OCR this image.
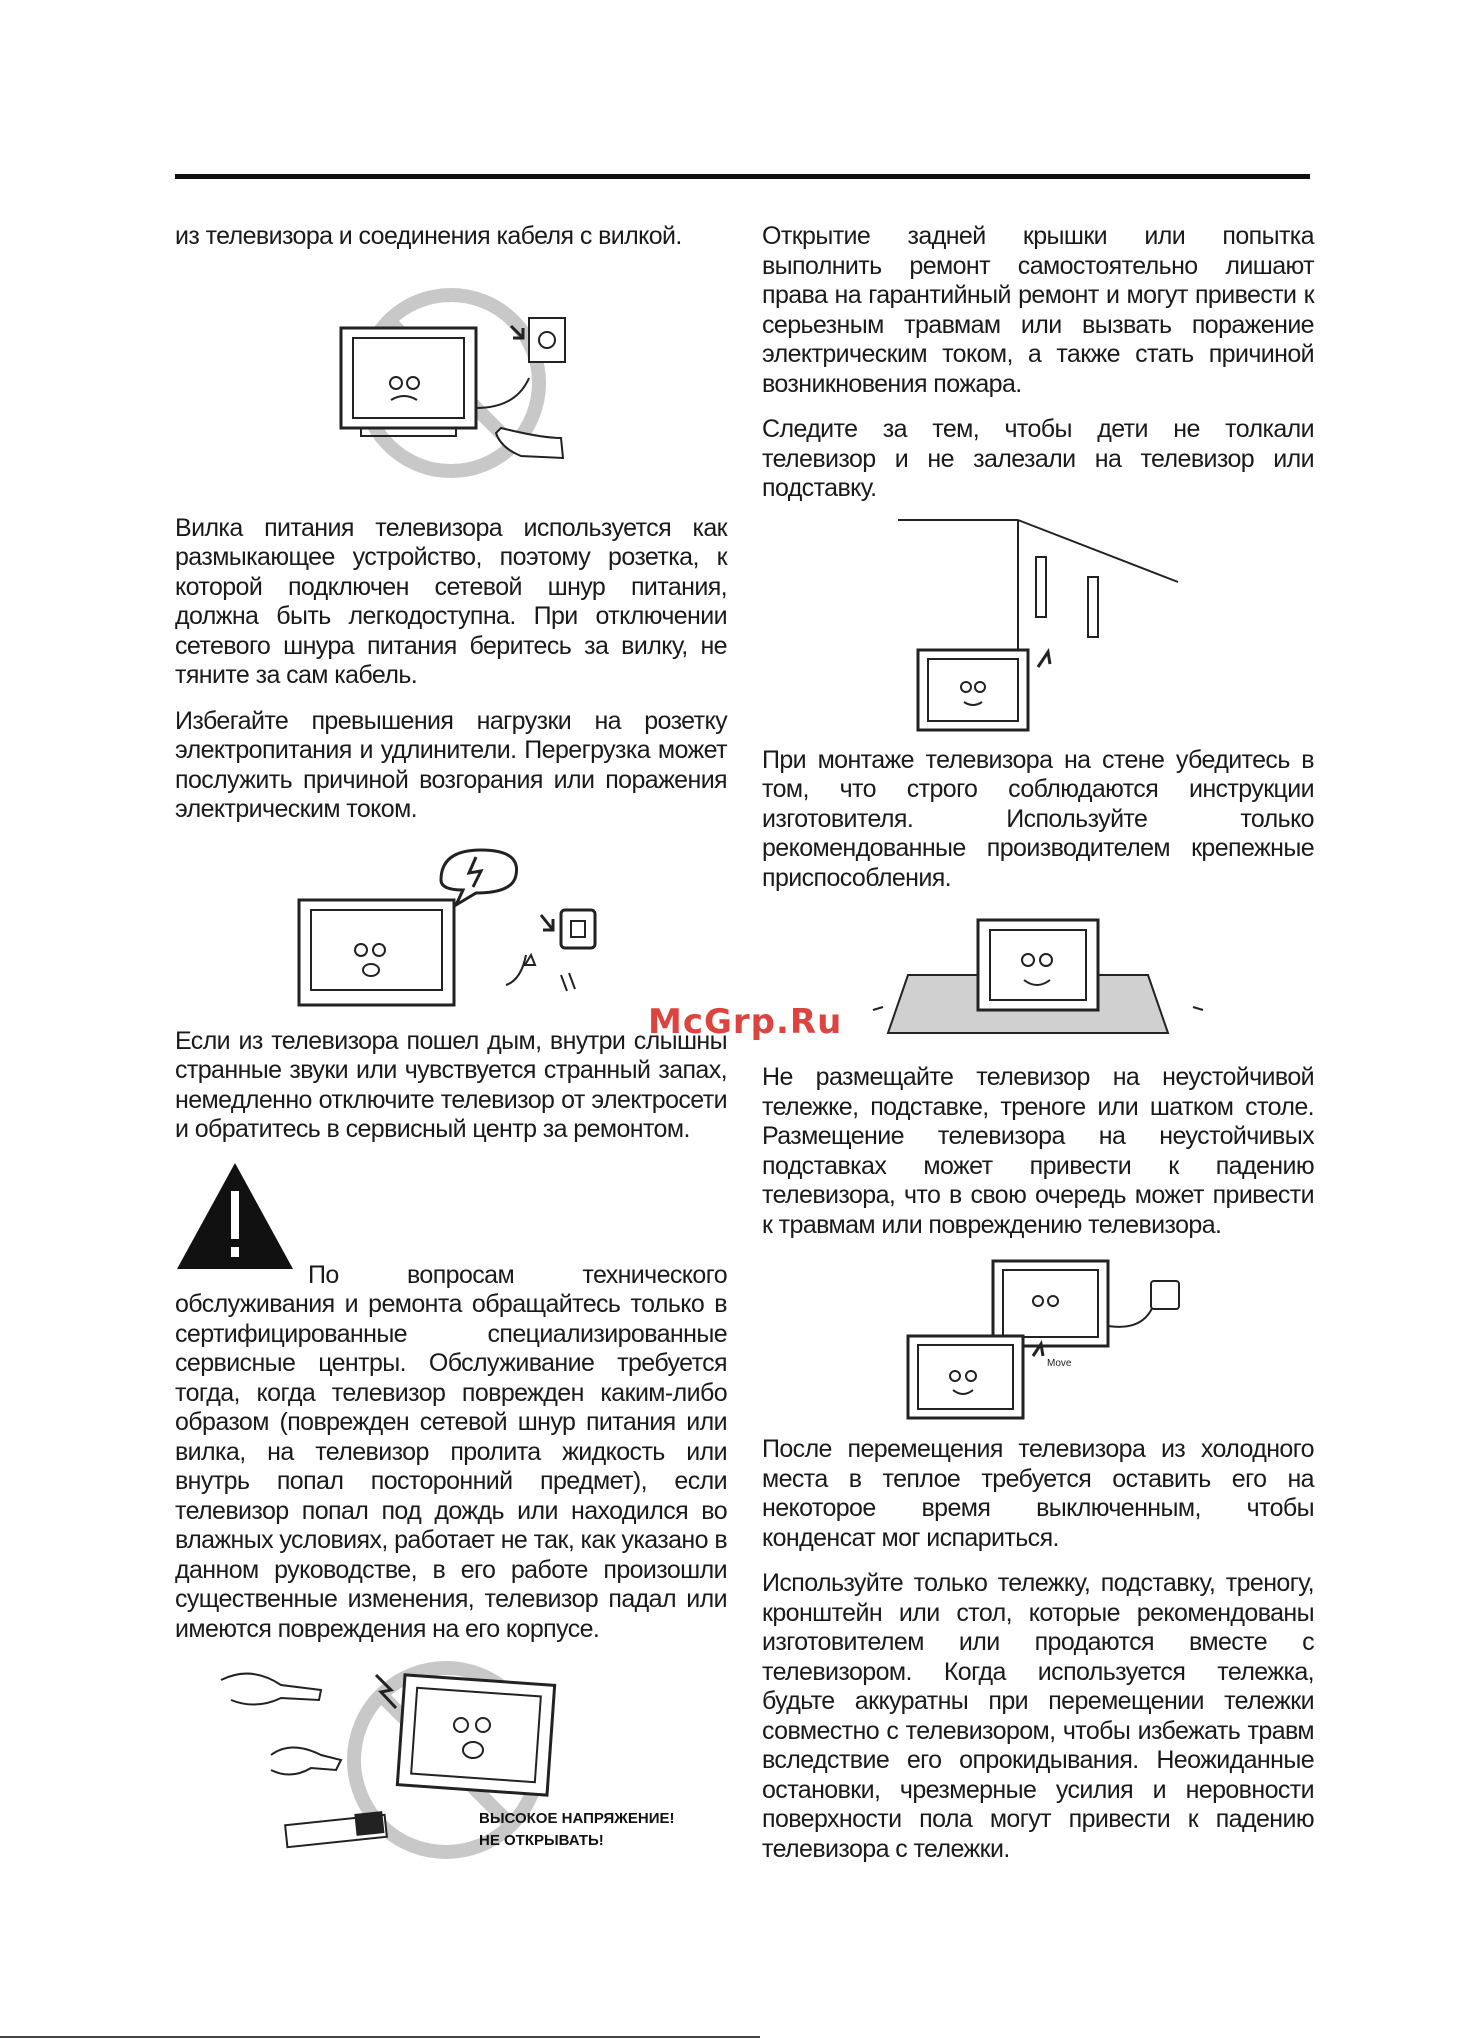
из телевизора и соединения кабеля с вилкой.

Вилка питания телевизора используется как размыкающее устройство, поэтому розетка, к которой подключен сетевой шнур питания, должна быть легкодоступна. При отключении сетевого шнура питания беритесь за вилку, не тяните за сам кабель.

Избегайте превышения нагрузки на розетку электропитания и удлинители. Перегрузка может послужить причиной возгорания или поражения электрическим током.

Если из телевизора пошел дым, внутри слышны странные звуки или чувствуется странный запах, немедленно отключите телевизор от электросети и обратитесь в сервисный центр за ремонтом.

По вопросам технического обслуживания и ремонта обращайтесь только в сертифицированные специализированные сервисные центры. Обслуживание требуется тогда, когда телевизор поврежден каким-либо образом (поврежден сетевой шнур питания или вилка, на телевизор пролита жидкость или внутрь попал посторонний предмет), если телевизор попал под дождь или находился во влажных условиях, работает не так, как указано в данном руководстве, в его работе произошли существенные изменения, телевизор падал или имеются повреждения на его корпусе.

ВЫСОКОЕ НАПРЯЖЕНИЕ!
НЕ ОТКРЫВАТЬ!

Открытие задней крышки или попытка выполнить ремонт самостоятельно лишают права на гарантийный ремонт и могут привести к серьезным травмам или вызвать поражение электрическим током, а также стать причиной возникновения пожара.

Следите за тем, чтобы дети не толкали телевизор и не залезали на телевизор или подставку.

При монтаже телевизора на стене убедитесь в том, что строго соблюдаются инструкции изготовителя. Используйте только рекомендованные производителем крепежные приспособления.

Не размещайте телевизор на неустойчивой тележке, подставке, треноге или шатком столе. Размещение телевизора на неустойчивых подставках может привести к падению телевизора, что в свою очередь может привести к травмам или повреждению телевизора.

Move

После перемещения телевизора из холодного места в теплое требуется оставить его на некоторое время выключенным, чтобы конденсат мог испариться.

Используйте только тележку, подставку, треногу, кронштейн или стол, которые рекомендованы изготовителем или продаются вместе с телевизором. Когда используется тележка, будьте аккуратны при перемещении тележки совместно с телевизором, чтобы избежать травм вследствие его опрокидывания. Неожиданные остановки, чрезмерные усилия и неровности поверхности пола могут привести к падению телевизора с тележки.

McGrp.Ru
